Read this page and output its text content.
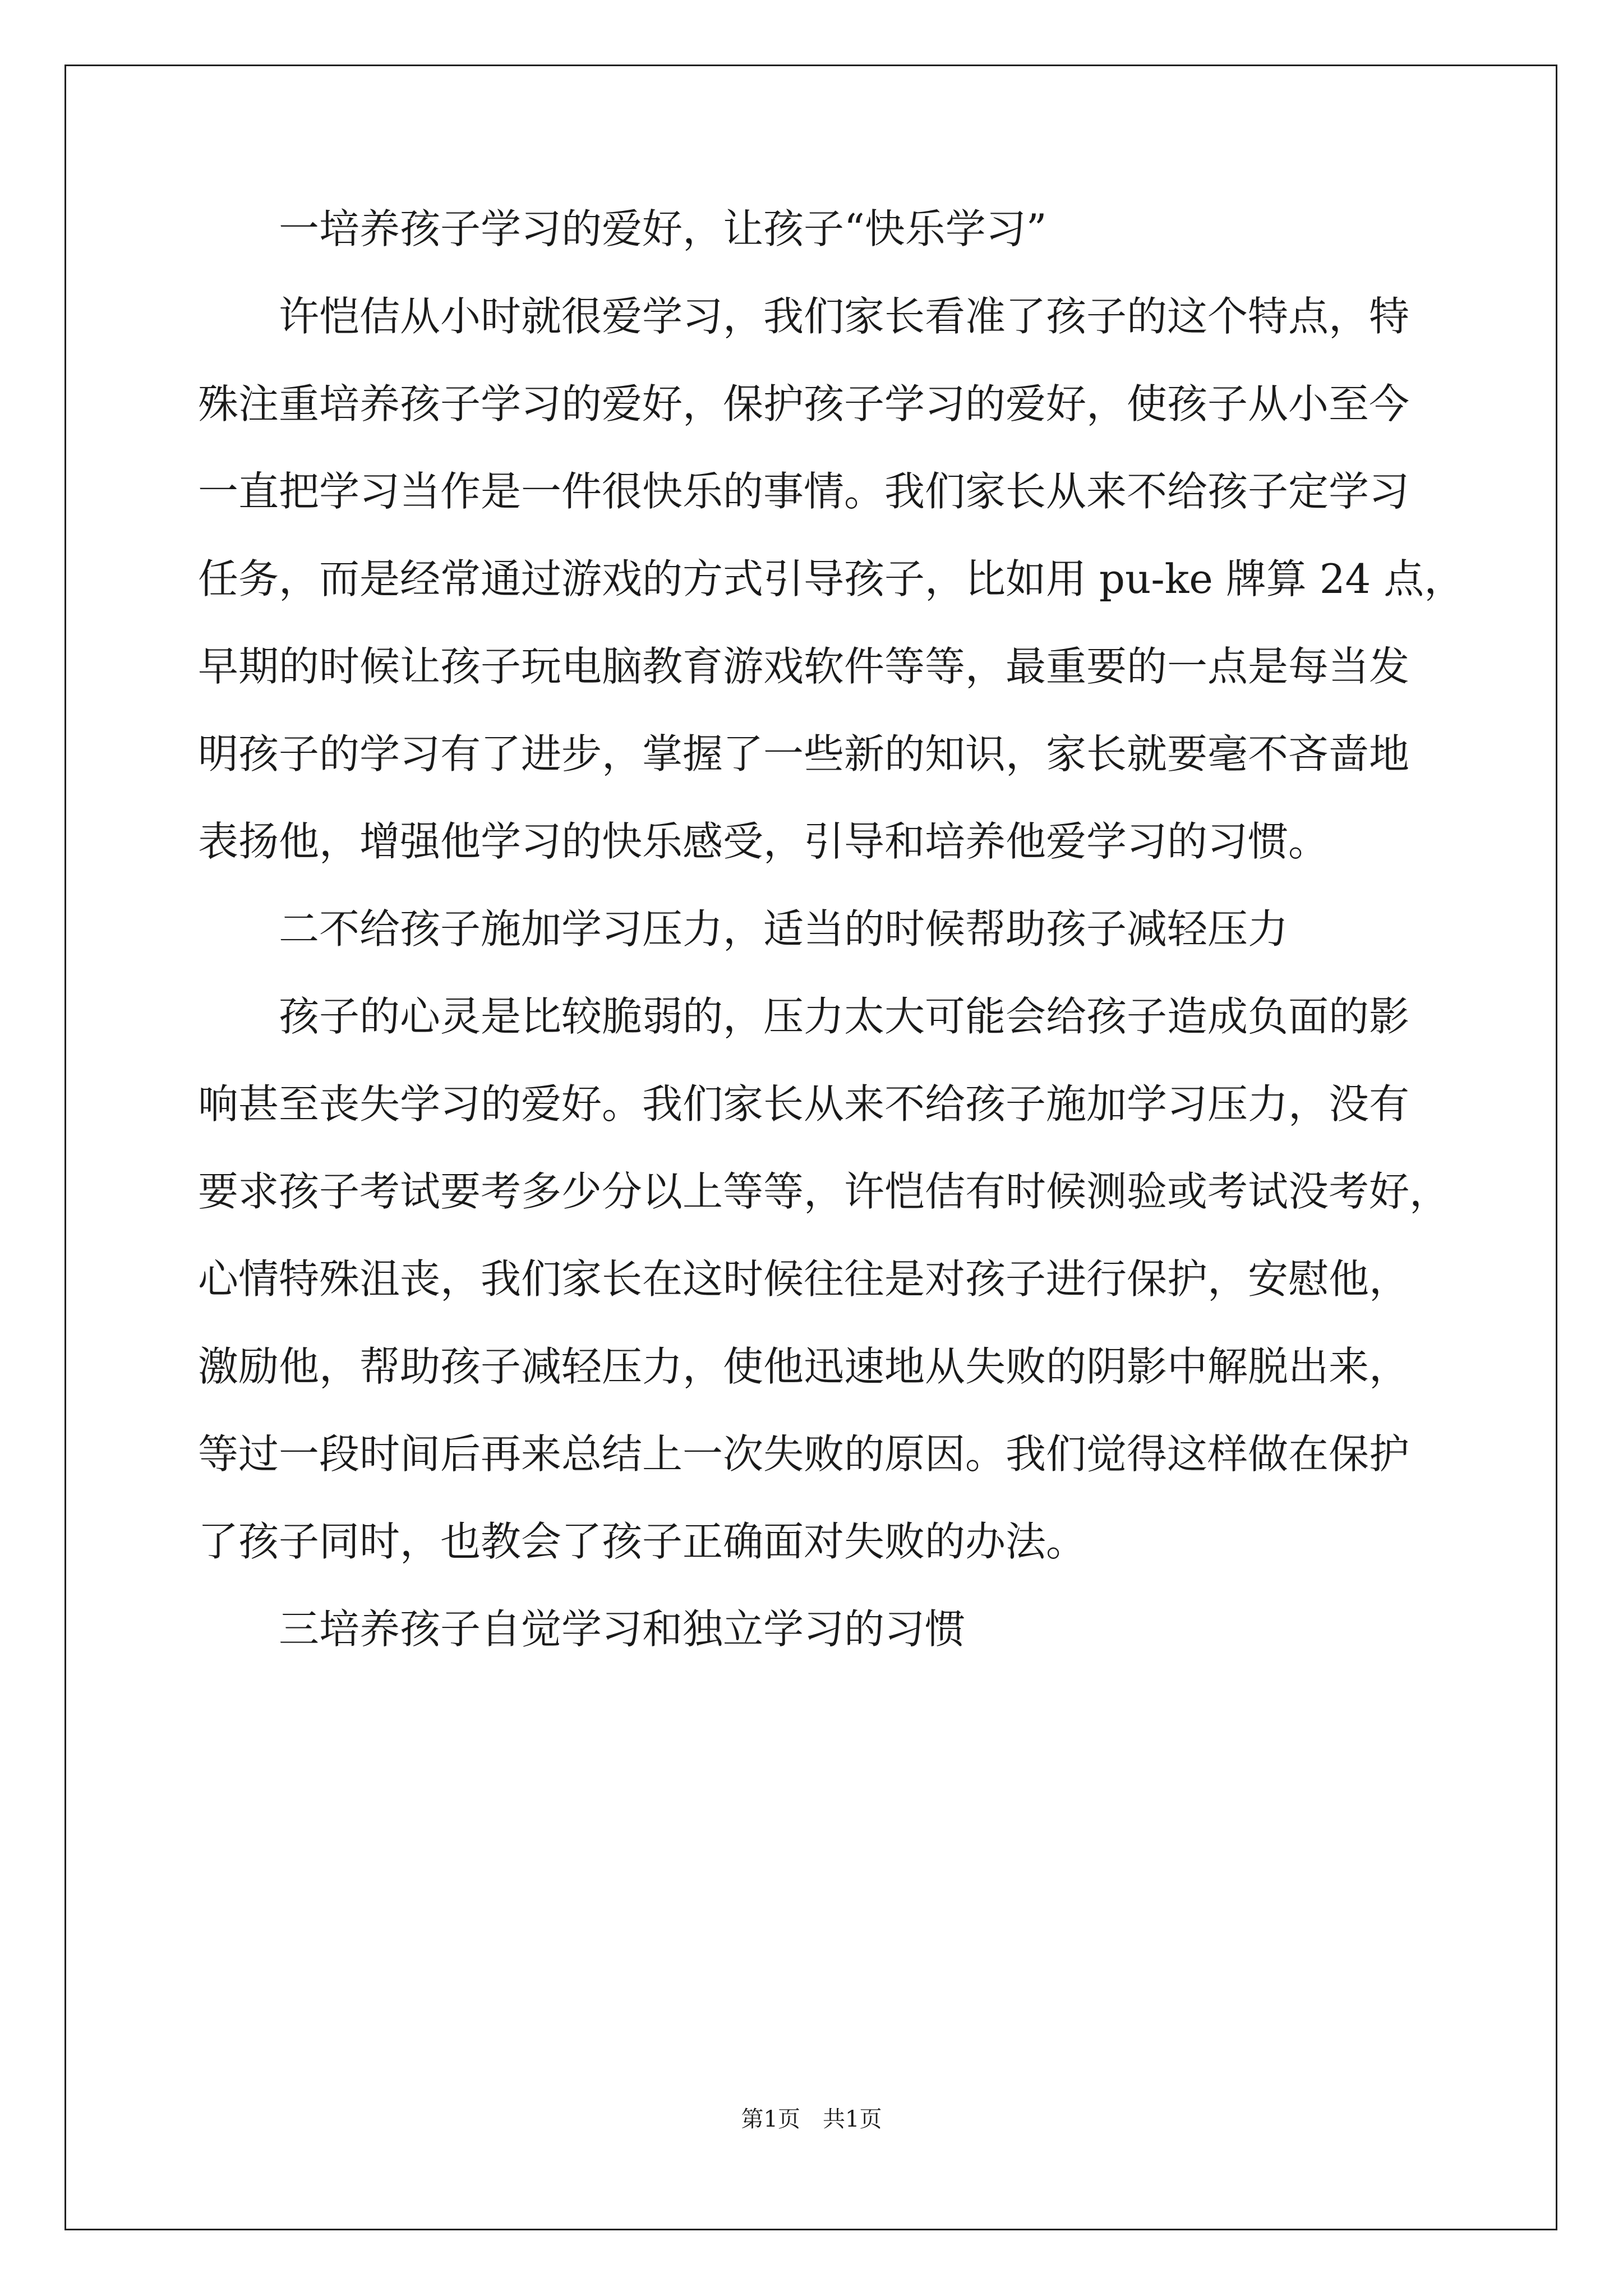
一培养孩子学习的爱好，让孩子“快乐学习”
许恺佶从小时就很爱学习，我们家长看准了孩子的这个特点，特
殊注重培养孩子学习的爱好，保护孩子学习的爱好，使孩子从小至今
一直把学习当作是一件很快乐的事情。我们家长从来不给孩子定学习
任务，而是经常通过游戏的方式引导孩子，比如用 pu-ke 牌算 24 点，
早期的时候让孩子玩电脑教育游戏软件等等，最重要的一点是每当发
明孩子的学习有了进步，掌握了一些新的知识，家长就要毫不吝啬地
表扬他，增强他学习的快乐感受，引导和培养他爱学习的习惯。
二不给孩子施加学习压力，适当的时候帮助孩子减轻压力
孩子的心灵是比较脆弱的，压力太大可能会给孩子造成负面的影
响甚至丧失学习的爱好。我们家长从来不给孩子施加学习压力，没有
要求孩子考试要考多少分以上等等，许恺佶有时候测验或考试没考好，
心情特殊沮丧，我们家长在这时候往往是对孩子进行保护，安慰他，
激励他，帮助孩子减轻压力，使他迅速地从失败的阴影中解脱出来，
等过一段时间后再来总结上一次失败的原因。我们觉得这样做在保护
了孩子同时，也教会了孩子正确面对失败的办法。
三培养孩子自觉学习和独立学习的习惯
第1页 共1页
